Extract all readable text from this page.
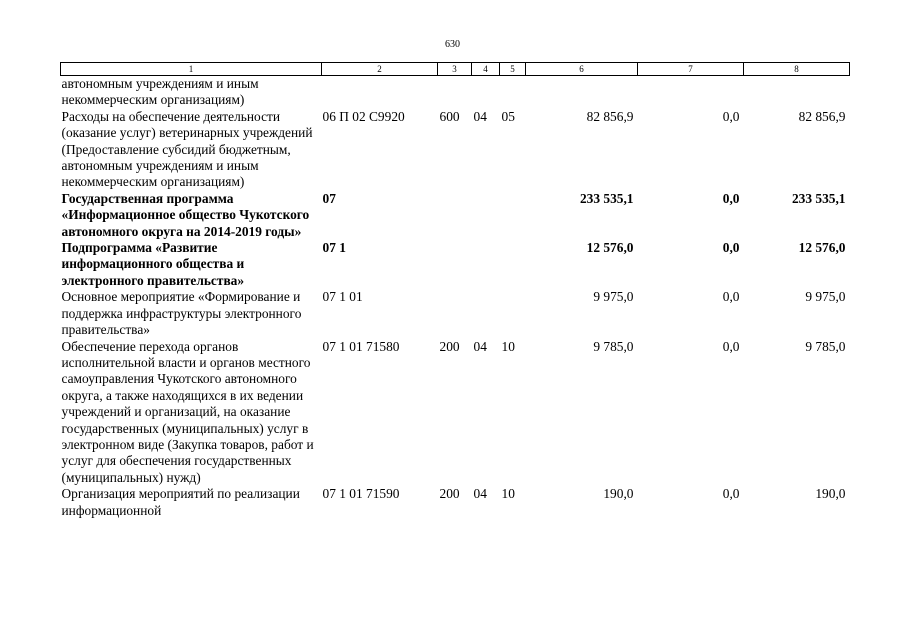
630
1	2	3	4	5	6	7	8
автономным учреждениям и иным некоммерческим организациям)							
Расходы на обеспечение деятельности (оказание услуг) ветеринарных учреждений (Предоставление субсидий бюджетным, автономным учреждениям и иным некоммерческим организациям)	06 П 02 С9920	600	04	05	82 856,9	0,0	82 856,9
Государственная программа «Информационное общество Чукотского автономного округа на 2014-2019 годы»	07				233 535,1	0,0	233 535,1
Подпрограмма «Развитие информационного общества и электронного правительства»	07 1				12 576,0	0,0	12 576,0
Основное мероприятие «Формирование и поддержка инфраструктуры электронного правительства»	07 1 01				9 975,0	0,0	9 975,0
Обеспечение перехода органов исполнительной власти и органов местного самоуправления Чукотского автономного округа, а также находящихся в их ведении учреждений и организаций, на оказание государственных (муниципальных) услуг в электронном виде (Закупка товаров, работ и услуг для обеспечения государственных (муниципальных) нужд)	07 1 01 71580	200	04	10	9 785,0	0,0	9 785,0
Организация мероприятий по реализации информационной	07 1 01 71590	200	04	10	190,0	0,0	190,0
